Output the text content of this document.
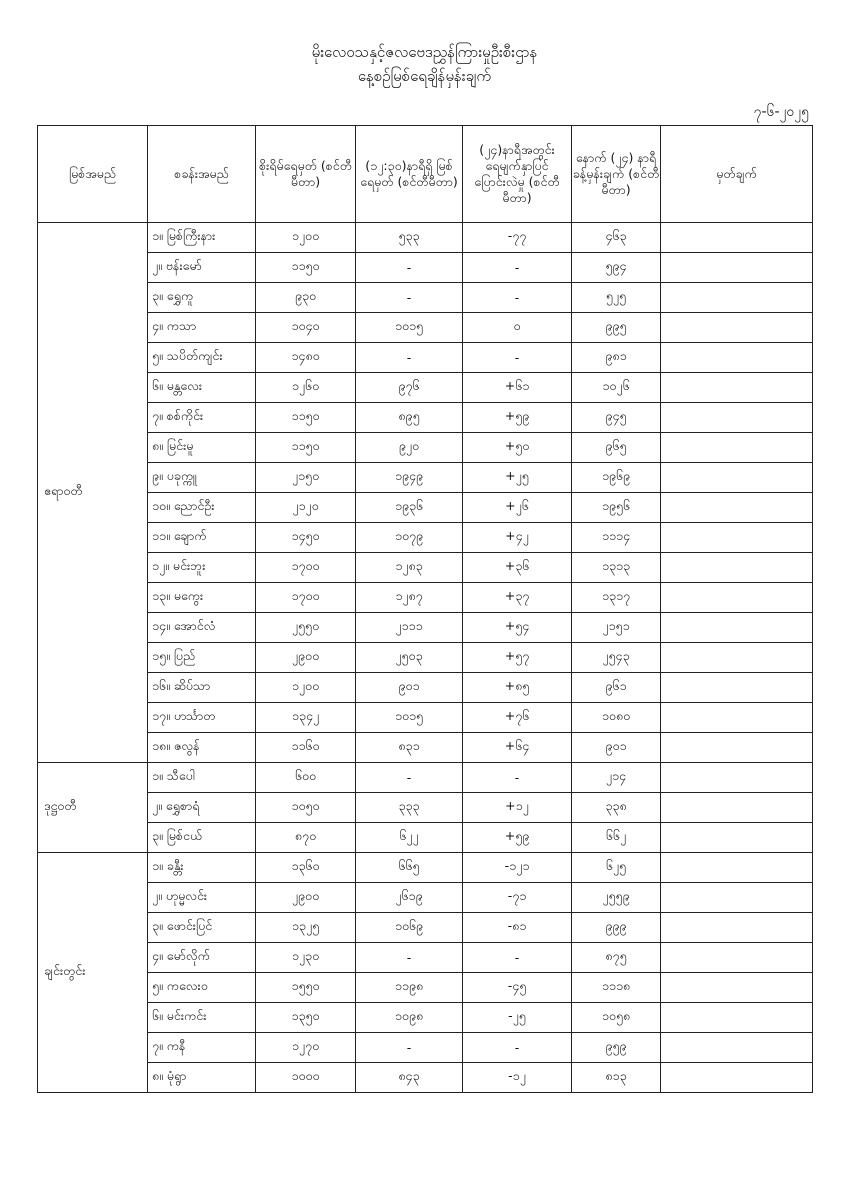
မိုးလေဝသနှင့်ဇလဗေဒညွှန်ကြားမှုဦးစီးဌာန
နေ့စဉ်မြစ်ရေချိန်မှန်းချက်
၇-၆-၂၀၂၅
မြစ်အမည်	စခန်းအမည်	စိုးရိမ်ရေမှတ် (စင်တီမီတာ)	(၁၂:၃၀)နာရီရှိ မြစ်ရေမှတ် (စင်တီမီတာ)	(၂၄)နာရီအတွင်း ရေမျက်နှာပြင် ပြောင်းလဲမှု (စင်တီမီတာ)	နောက် (၂၄) နာရီ ခန့်မှန်းချက် (စင်တီမီတာ)	မှတ်ချက်
ဧရာဝတီ	၁။ မြစ်ကြီးနား	၁၂၀၀	၅၃၃	-၇၇	၄၆၃	
	၂။ ဗန်းမော်	၁၁၅၀	-	-	၅၉၄	
	၃။ ရွှေကူ	၉၃၀	-	-	၅၂၅	
	၄။ ကသာ	၁၀၄၀	၁၀၁၅	၀	၉၉၅	
	၅။ သပိတ်ကျင်း	၁၄၈၀	-	-	၉၈၁	
	၆။ မန္တလေး	၁၂၆၀	၉၇၆	+၆၁	၁၀၂၆	
	၇။ စစ်ကိုင်း	၁၁၅၀	၈၉၅	+၅၉	၉၄၅	
	၈။ မြင်းမူ	၁၁၅၀	၉၂၀	+၅၀	၉၆၅	
	၉။ ပခုက္ကူ	၂၁၅၀	၁၉၄၉	+၂၅	၁၉၆၉	
	၁၀။ ညောင်ဦး	၂၁၂၀	၁၉၃၆	+၂၆	၁၉၅၆	
	၁၁။ ချောက်	၁၄၅၀	၁၀၇၉	+၄၂	၁၁၁၄	
	၁၂။ မင်းဘူး	၁၇၀၀	၁၂၈၃	+၃၆	၁၃၁၃	
	၁၃။ မကွေး	၁၇၀၀	၁၂၈၇	+၃၇	၁၃၁၇	
	၁၄။ အောင်လံ	၂၅၅၀	၂၁၁၁	+၅၄	၂၁၅၁	
	၁၅။ ပြည်	၂၉၀၀	၂၅၀၃	+၅၇	၂၅၄၃	
	၁၆။ ဆိပ်သာ	၁၂၀၀	၉၀၁	+၈၅	၉၆၁	
	၁၇။ ဟင်္သာတ	၁၃၄၂	၁၀၁၅	+၇၆	၁၀၈၀	
	၁၈။ ဇလွန်	၁၁၆၀	၈၃၁	+၆၄	၉၀၁	
ဒုဋ္ဌဝတီ	၁။ သီပေါ	၆၀၀	-	-	၂၁၄	
	၂။ ရွှေစာရံ	၁၀၅၀	၃၃၃	+၁၂	၃၃၈	
	၃။ မြစ်ငယ်	၈၇၀	၆၂၂	+၅၉	၆၆၂	
ချင်းတွင်း	၁။ ခန္တီး	၁၃၆၀	၆၆၅	-၁၂၁	၆၂၅	
	၂။ ဟုမ္မလင်း	၂၉၀၀	၂၆၁၉	-၇၁	၂၅၅၉	
	၃။ ဖောင်းပြင်	၁၃၂၅	၁၀၆၉	-၈၁	၉၉၉	
	၄။ မော်လိုက်	၁၂၃၀	-	-	၈၇၅	
	၅။ ကလေးဝ	၁၅၅၀	၁၁၉၈	-၄၅	၁၁၁၈	
	၆။ မင်းကင်း	၁၃၅၀	၁၀၉၈	-၂၅	၁၀၅၈	
	၇။ ကနီ	၁၂၇၀	-	-	၉၅၉	
	၈။ မုံရွာ	၁၀၀၀	၈၄၃	-၁၂	၈၁၃	
